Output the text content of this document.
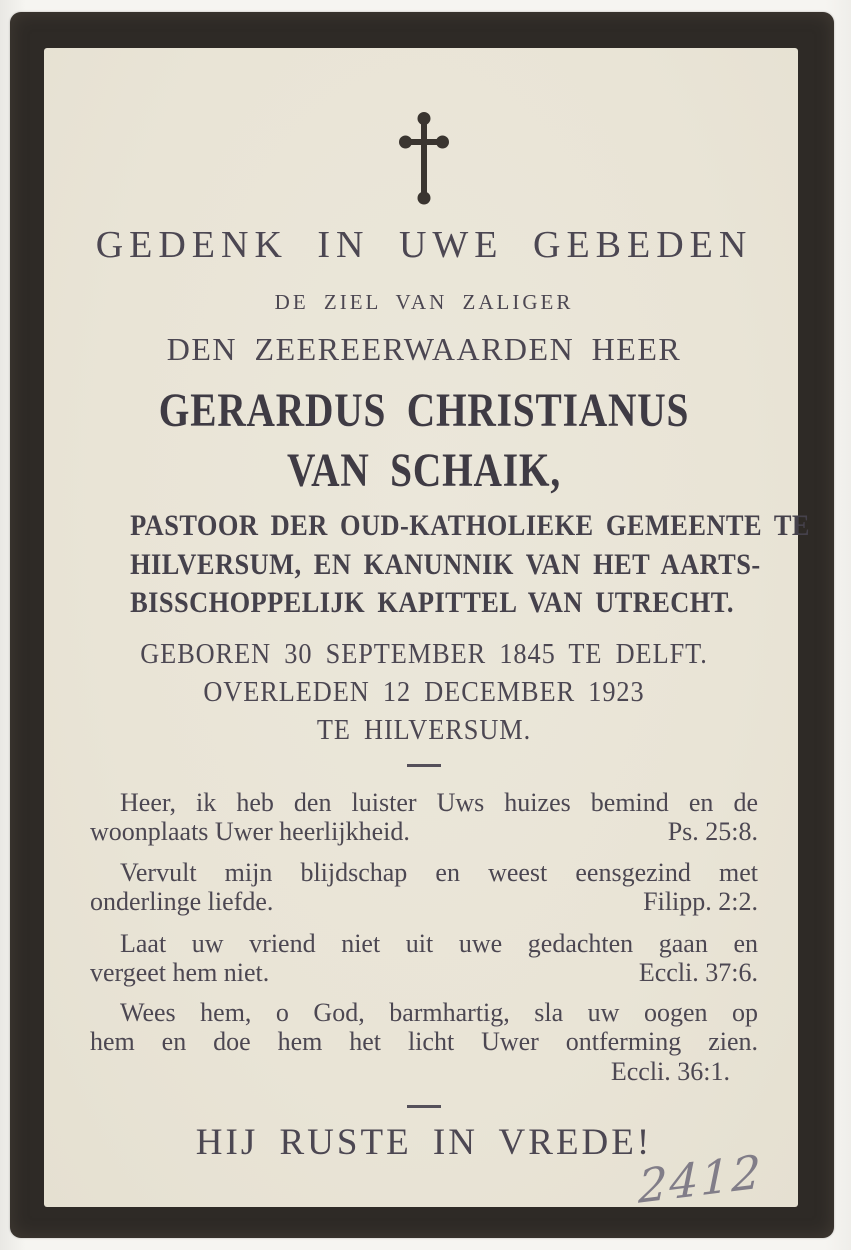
GEDENK IN UWE GEBEDEN
DE ZIEL VAN ZALIGER
DEN ZEEREERWAARDEN HEER
GERARDUS CHRISTIANUS
VAN SCHAIK,
PASTOOR DER OUD-KATHOLIEKE GEMEENTE TE
HILVERSUM, EN KANUNNIK VAN HET AARTS-
BISSCHOPPELIJK KAPITTEL VAN UTRECHT.
GEBOREN 30 SEPTEMBER 1845 TE DELFT.
OVERLEDEN 12 DECEMBER 1923
TE HILVERSUM.
Heer, ik heb den luister Uws huizes bemind en de
woonplaats Uwer heerlijkheid.	Ps. 25:8.
Vervult mijn blijdschap en weest eensgezind met
onderlinge liefde.	Filipp. 2:2.
Laat uw vriend niet uit uwe gedachten gaan en
vergeet hem niet.	Eccli. 37:6.
Wees hem, o God, barmhartig, sla uw oogen op
hem en doe hem het licht Uwer ontferming zien.
Eccli. 36:1.
HIJ RUSTE IN VREDE!
2412
